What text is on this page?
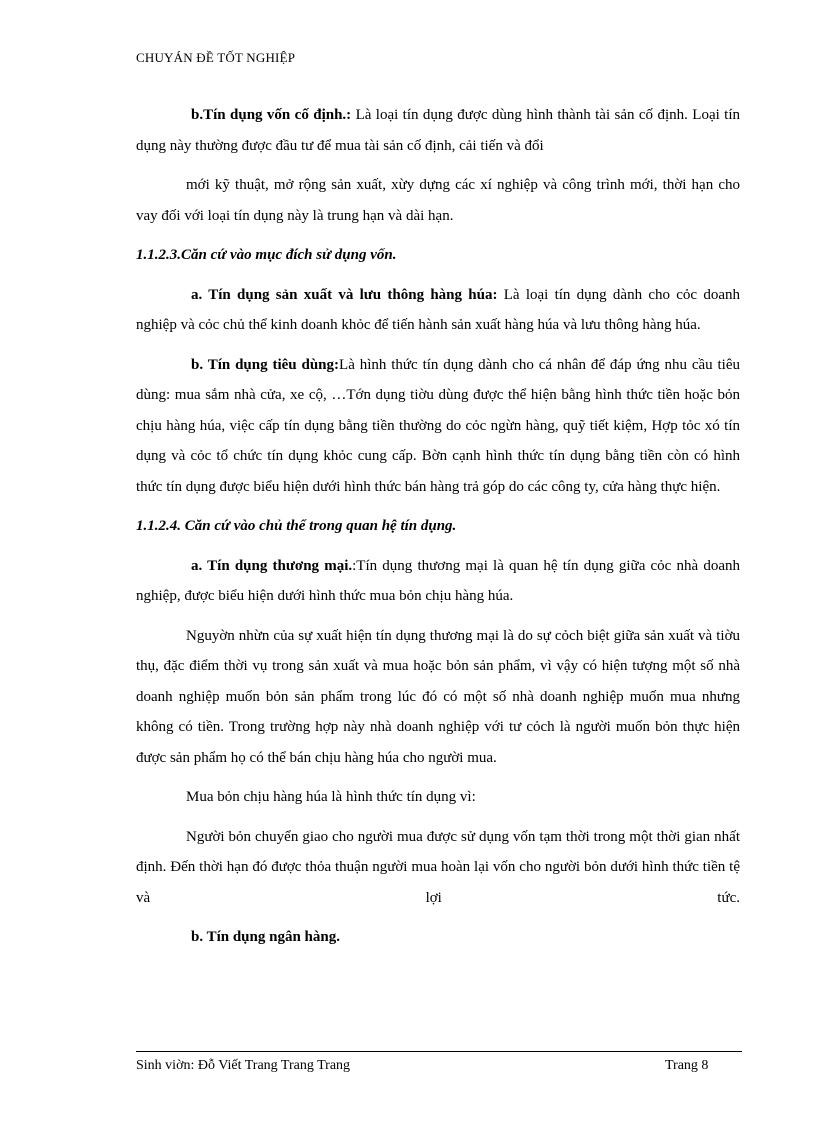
CHUYÁN ĐỀ TỐT NGHIỆP

b.Tín dụng vốn cố định.: Là loại tín dụng được dùng hình thành tài sản cố định. Loại tín dụng này thường được đầu tư để mua tài sản cố định, cải tiến và đổi

mới kỹ thuật, mở rộng sản xuất, xừy dựng các xí nghiệp và công trình mới, thời hạn cho vay đối với loại tín dụng này là trung hạn và dài hạn.

1.1.2.3.Căn cứ vào mục đích sử dụng vốn.

a. Tín dụng sản xuất và lưu thông hàng húa: Là loại tín dụng dành cho cỏc doanh nghiệp và cỏc chủ thể kinh doanh khỏc để tiến hành sản xuất hàng húa và lưu thông hàng húa.

b. Tín dụng tiêu dùng:Là hình thức tín dụng dành cho cá nhân để đáp ứng nhu cầu tiêu dùng: mua sắm nhà cửa, xe cộ, …Tớn dụng tiờu dùng được thể hiện bằng hình thức tiền hoặc bỏn chịu hàng húa, việc cấp tín dụng bằng tiền thường do cỏc ngừn hàng, quỹ tiết kiệm, Hợp tỏc xó tín dụng và cỏc tổ chức tín dụng khỏc cung cấp. Bờn cạnh hình thức tín dụng bằng tiền còn có hình thức tín dụng được biểu hiện dưới hình thức bán hàng trả góp do các công ty, cửa hàng thực hiện.

1.1.2.4. Căn cứ vào chủ thể trong quan hệ tín dụng.

a. Tín dụng thương mại.:Tín dụng thương mại là quan hệ tín dụng giữa cỏc nhà doanh nghiệp, được biểu hiện dưới hình thức mua bỏn chịu hàng húa.

Nguyờn nhừn của sự xuất hiện tín dụng thương mại là do sự cỏch biệt giữa sản xuất và tiờu thụ, đặc điểm thời vụ trong sản xuất và mua hoặc bỏn sản phẩm, vì vậy có hiện tượng một số nhà doanh nghiệp muốn bỏn sản phẩm trong lúc đó có một số nhà doanh nghiệp muốn mua nhưng không có tiền. Trong trường hợp này nhà doanh nghiệp với tư cỏch là người muốn bỏn thực hiện được sản phẩm họ có thể bán chịu hàng húa cho người mua.

Mua bỏn chịu hàng húa là hình thức tín dụng vì:

Người bỏn chuyển giao cho người mua được sử dụng vốn tạm thời trong một thời gian nhất định. Đến thời hạn đó được thỏa thuận người mua hoàn lại vốn cho người bỏn dưới hình thức tiền tệ và lợi tức.

b. Tín dụng ngân hàng.

Sinh viờn: Đỗ Viết Trang Trang Trang	Trang 8
